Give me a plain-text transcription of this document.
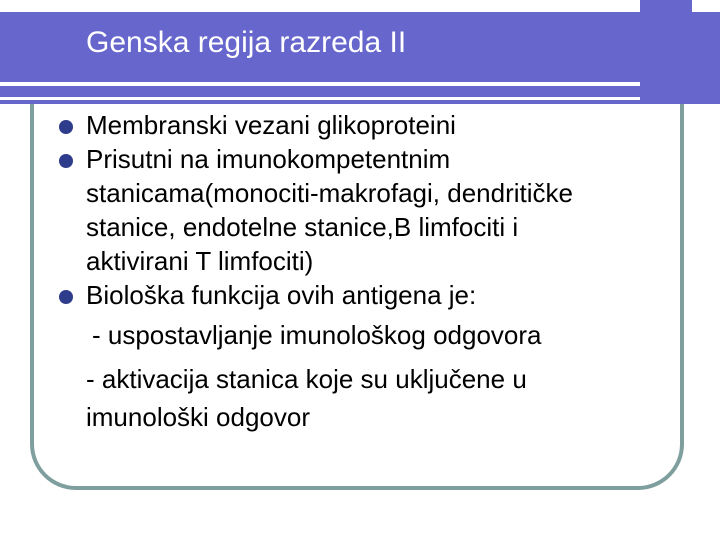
Genska regija razreda II
Membranski vezani glikoproteini
Prisutni na imunokompetentnim
stanicama(monociti-makrofagi, dendritičke
stanice, endotelne stanice,B limfociti i
aktivirani T limfociti)
Biološka funkcija ovih antigena je:
- uspostavljanje imunološkog odgovora
- aktivacija stanica koje su uključene u
imunološki odgovor
